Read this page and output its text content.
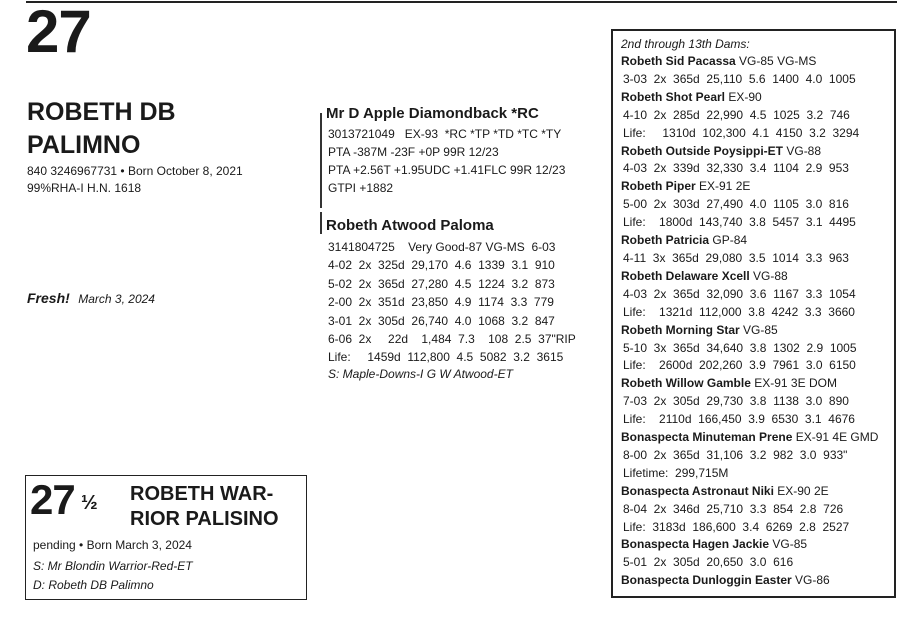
27
ROBETH DB PALIMNO
840 3246967731 • Born October 8, 2021
99%RHA-I H.N. 1618
Fresh! March 3, 2024
Mr D Apple Diamondback *RC
3013721049   EX-93  *RC *TP *TD *TC *TY
PTA -387M -23F +0P 99R 12/23
PTA +2.56T +1.95UDC +1.41FLC 99R 12/23
GTPI +1882
Robeth Atwood Paloma
3141804725    Very Good-87 VG-MS  6-03
4-02  2x  325d  29,170  4.6  1339  3.1  910
5-02  2x  365d  27,280  4.5  1224  3.2  873
2-00  2x  351d  23,850  4.9  1174  3.3  779
3-01  2x  305d  26,740  4.0  1068  3.2  847
6-06  2x     22d    1,484  7.3    108  2.5  37"RIP
Life:     1459d  112,800  4.5  5082  3.2  3615
S: Maple-Downs-I G W Atwood-ET
2nd through 13th Dams:
Robeth Sid Pacassa VG-85 VG-MS
3-03  2x  365d  25,110  5.6  1400  4.0  1005
Robeth Shot Pearl EX-90
4-10  2x  285d  22,990  4.5  1025  3.2  746
Life:     1310d  102,300  4.1  4150  3.2  3294
Robeth Outside Poysippi-ET VG-88
4-03  2x  339d  32,330  3.4  1104  2.9  953
Robeth Piper EX-91 2E
5-00  2x  303d  27,490  4.0  1105  3.0  816
Life:    1800d  143,740  3.8  5457  3.1  4495
Robeth Patricia GP-84
4-11  3x  365d  29,080  3.5  1014  3.3  963
Robeth Delaware Xcell VG-88
4-03  2x  365d  32,090  3.6  1167  3.3  1054
Life:    1321d  112,000  3.8  4242  3.3  3660
Robeth Morning Star VG-85
5-10  3x  365d  34,640  3.8  1302  2.9  1005
Life:    2600d  202,260  3.9  7961  3.0  6150
Robeth Willow Gamble EX-91 3E DOM
7-03  2x  305d  29,730  3.8  1138  3.0  890
Life:    2110d  166,450  3.9  6530  3.1  4676
Bonaspecta Minuteman Prene EX-91 4E GMD
8-00  2x  365d  31,106  3.2  982  3.0  933"
Lifetime:  299,715M
Bonaspecta Astronaut Niki EX-90 2E
8-04  2x  346d  25,710  3.3  854  2.8  726
Life:  3183d  186,600  3.4  6269  2.8  2527
Bonaspecta Hagen Jackie VG-85
5-01  2x  305d  20,650  3.0  616
Bonaspecta Dunloggin Easter VG-86
27 ½ ROBETH WAR-RIOR PALISINO
pending • Born March 3, 2024
S: Mr Blondin Warrior-Red-ET
D: Robeth DB Palimno
